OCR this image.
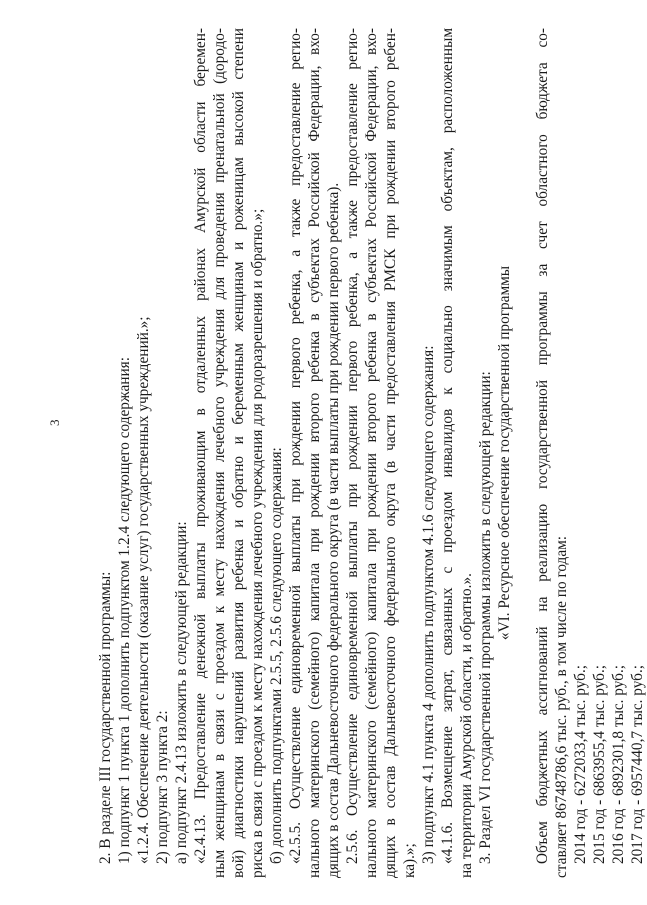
3
2. В разделе III государственной программы: 1) подпункт 1 пункта 1 дополнить подпунктом 1.2.4 следующего содержания: «1.2.4. Обеспечение деятельности (оказание услуг) государственных учреждений.»; 2) подпункт 3 пункта 2: а) подпункт 2.4.13 изложить в следующей редакции: «2.4.13. Предоставление денежной выплаты проживающим в отдаленных районах Амурской области беремен- ным женщинам в связи с проездом к месту нахождения лечебного учреждения для проведения пренатальной (дородо- вой) диагностики нарушений развития ребенка и обратно и беременным женщинам и роженицам высокой степени риска в связи с проездом к месту нахождения лечебного учреждения для родоразрешения и обратно.»; б) дополнить подпунктами 2.5.5, 2.5.6 следующего содержания: «2.5.5. Осуществление единовременной выплаты при рождении первого ребенка, а также предоставление регио- нального материнского (семейного) капитала при рождении второго ребенка в субъектах Российской Федерации, вхо- дящих в состав Дальневосточного федерального округа (в части выплаты при рождении первого ребенка). 2.5.6. Осуществление единовременной выплаты при рождении первого ребенка, а также предоставление регио- нального материнского (семейного) капитала при рождении второго ребенка в субъектах Российской Федерации, вхо- дящих в состав Дальневосточного федерального округа (в части предоставления РМСК при рождении второго ребен- ка).»; 3) подпункт 4.1 пункта 4 дополнить подпунктом 4.1.6 следующего содержания: «4.1.6. Возмещение затрат, связанных с проездом инвалидов к социально значимым объектам, расположенным на территории Амурской области, и обратно.». 3. Раздел VI государственной программы изложить в следующей редакции: «VI. Ресурсное обеспечение государственной программы Объем бюджетных ассигнований на реализацию государственной программы за счет областного бюджета со- ставляет 86748786,6 тыс. руб., в том числе по годам: 2014 год - 6272033,4 тыс. руб.; 2015 год - 6863955,4 тыс. руб.; 2016 год - 6892301,8 тыс. руб.; 2017 год - 6957440,7 тыс. руб.;
